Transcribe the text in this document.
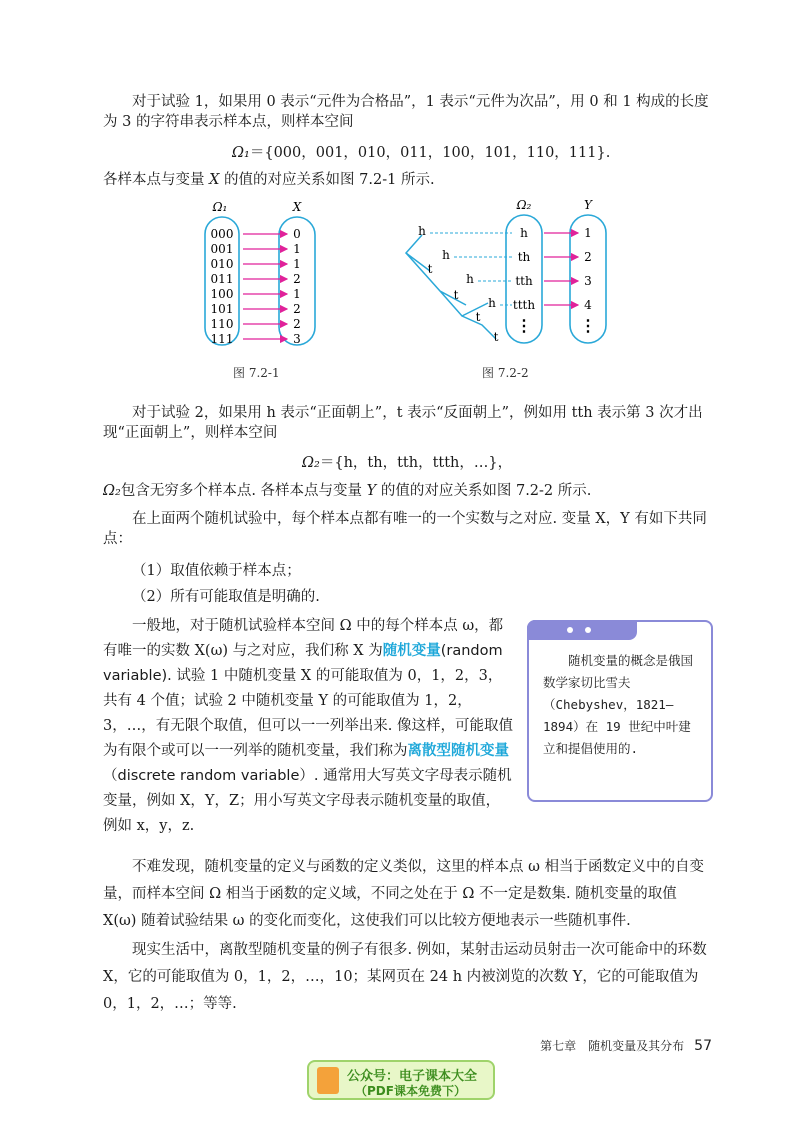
对于试验 1，如果用 0 表示“元件为合格品”，1 表示“元件为次品”，用 0 和 1 构成的长度为 3 的字符串表示样本点，则样本空间

Ω₁＝{000，001，010，011，100，101，110，111}.

各样本点与变量 X 的值的对应关系如图 7.2-1 所示.

Ω₁	X
000	0
001	1
010	1
011	2
100	1
101	2
110	2
111	3
图 7.2-1
Ω₂	Y
h	1
th	2
tth	3
ttth	4
h
h
h
h
t
t
t
t
⋮	⋮
图 7.2-2

对于试验 2，如果用 h 表示“正面朝上”，t 表示“反面朝上”，例如用 tth 表示第 3 次才出现“正面朝上”，则样本空间

Ω₂＝{h，th，tth，ttth，…}，

Ω₂包含无穷多个样本点. 各样本点与变量 Y 的值的对应关系如图 7.2-2 所示.

在上面两个随机试验中，每个样本点都有唯一的一个实数与之对应. 变量 X，Y 有如下共同点：

（1）取值依赖于样本点；

（2）所有可能取值是明确的.

一般地，对于随机试验样本空间 Ω 中的每个样本点 ω，都有唯一的实数 X(ω) 与之对应，我们称 X 为随机变量(random variable). 试验 1 中随机变量 X 的可能取值为 0，1，2，3，共有 4 个值；试验 2 中随机变量 Y 的可能取值为 1，2，3，…，有无限个取值，但可以一一列举出来. 像这样，可能取值为有限个或可以一一列举的随机变量，我们称为离散型随机变量（discrete random variable）. 通常用大写英文字母表示随机变量，例如 X，Y，Z；用小写英文字母表示随机变量的取值，例如 x，y，z.

随机变量的概念是俄国数学家切比雪夫（Chebyshev，1821—1894）在 19 世纪中叶建立和提倡使用的.

不难发现，随机变量的定义与函数的定义类似，这里的样本点 ω 相当于函数定义中的自变量，而样本空间 Ω 相当于函数的定义域，不同之处在于 Ω 不一定是数集. 随机变量的取值 X(ω) 随着试验结果 ω 的变化而变化，这使我们可以比较方便地表示一些随机事件.

现实生活中，离散型随机变量的例子有很多. 例如，某射击运动员射击一次可能命中的环数 X，它的可能取值为 0，1，2，…，10；某网页在 24 h 内被浏览的次数 Y，它的可能取值为 0，1，2，…；等等.

第七章　随机变量及其分布 57
公众号：电子课本大全
（PDF课本免费下）
